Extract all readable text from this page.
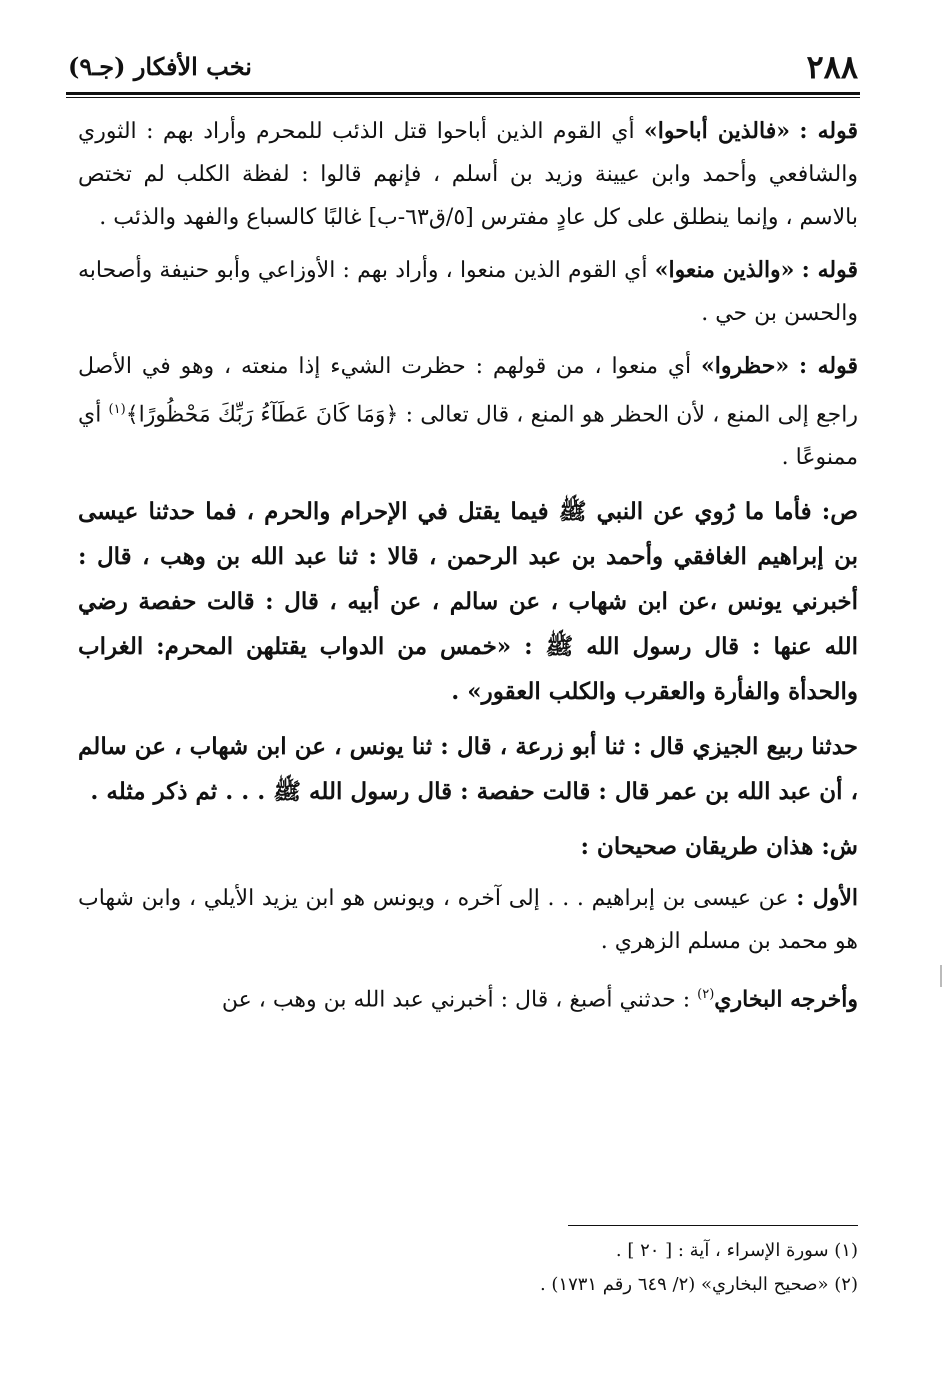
٢٨٨
نخب الأفكار (جـ٩)

قوله : «فالذين أباحوا» أي القوم الذين أباحوا قتل الذئب للمحرم وأراد بهم : الثوري والشافعي وأحمد وابن عيينة وزيد بن أسلم ، فإنهم قالوا : لفظة الكلب لم تختص بالاسم ، وإنما ينطلق على كل عادٍ مفترس [٥/ق٦٣-ب] غالبًا كالسباع والفهد والذئب .

قوله : «والذين منعوا» أي القوم الذين منعوا ، وأراد بهم : الأوزاعي وأبو حنيفة وأصحابه والحسن بن حي .

قوله : «حظروا» أي منعوا ، من قولهم : حظرت الشيء إذا منعته ، وهو في الأصل راجع إلى المنع ، لأن الحظر هو المنع ، قال تعالى : ﴿وَمَا كَانَ عَطَآءُ رَبِّكَ مَحْظُورًا﴾$^{(١)}$ أي ممنوعًا .

ص: فأما ما رُوي عن النبي ﷺ فيما يقتل في الإحرام والحرم ، فما حدثنا عيسى بن إبراهيم الغافقي وأحمد بن عبد الرحمن ، قالا : ثنا عبد الله بن وهب ، قال : أخبرني يونس ،عن ابن شهاب ، عن سالم ، عن أبيه ، قال : قالت حفصة رضي الله عنها : قال رسول الله ﷺ : «خمس من الدواب يقتلهن المحرم: الغراب والحدأة والفأرة والعقرب والكلب العقور» .

حدثنا ربيع الجيزي قال : ثنا أبو زرعة ، قال : ثنا يونس ، عن ابن شهاب ، عن سالم ، أن عبد الله بن عمر قال : قالت حفصة : قال رسول الله ﷺ . . . ثم ذكر مثله .

ش: هذان طريقان صحيحان :

الأول : عن عيسى بن إبراهيم . . . إلى آخره ، ويونس هو ابن يزيد الأيلي ، وابن شهاب هو محمد بن مسلم الزهري .

وأخرجه البخاري$^{(٢)}$ : حدثني أصبغ ، قال : أخبرني عبد الله بن وهب ، عن

(١) سورة الإسراء ، آية : [ ٢٠ ] .

(٢) «صحيح البخاري» (٢/ ٦٤٩ رقم ١٧٣١) .
